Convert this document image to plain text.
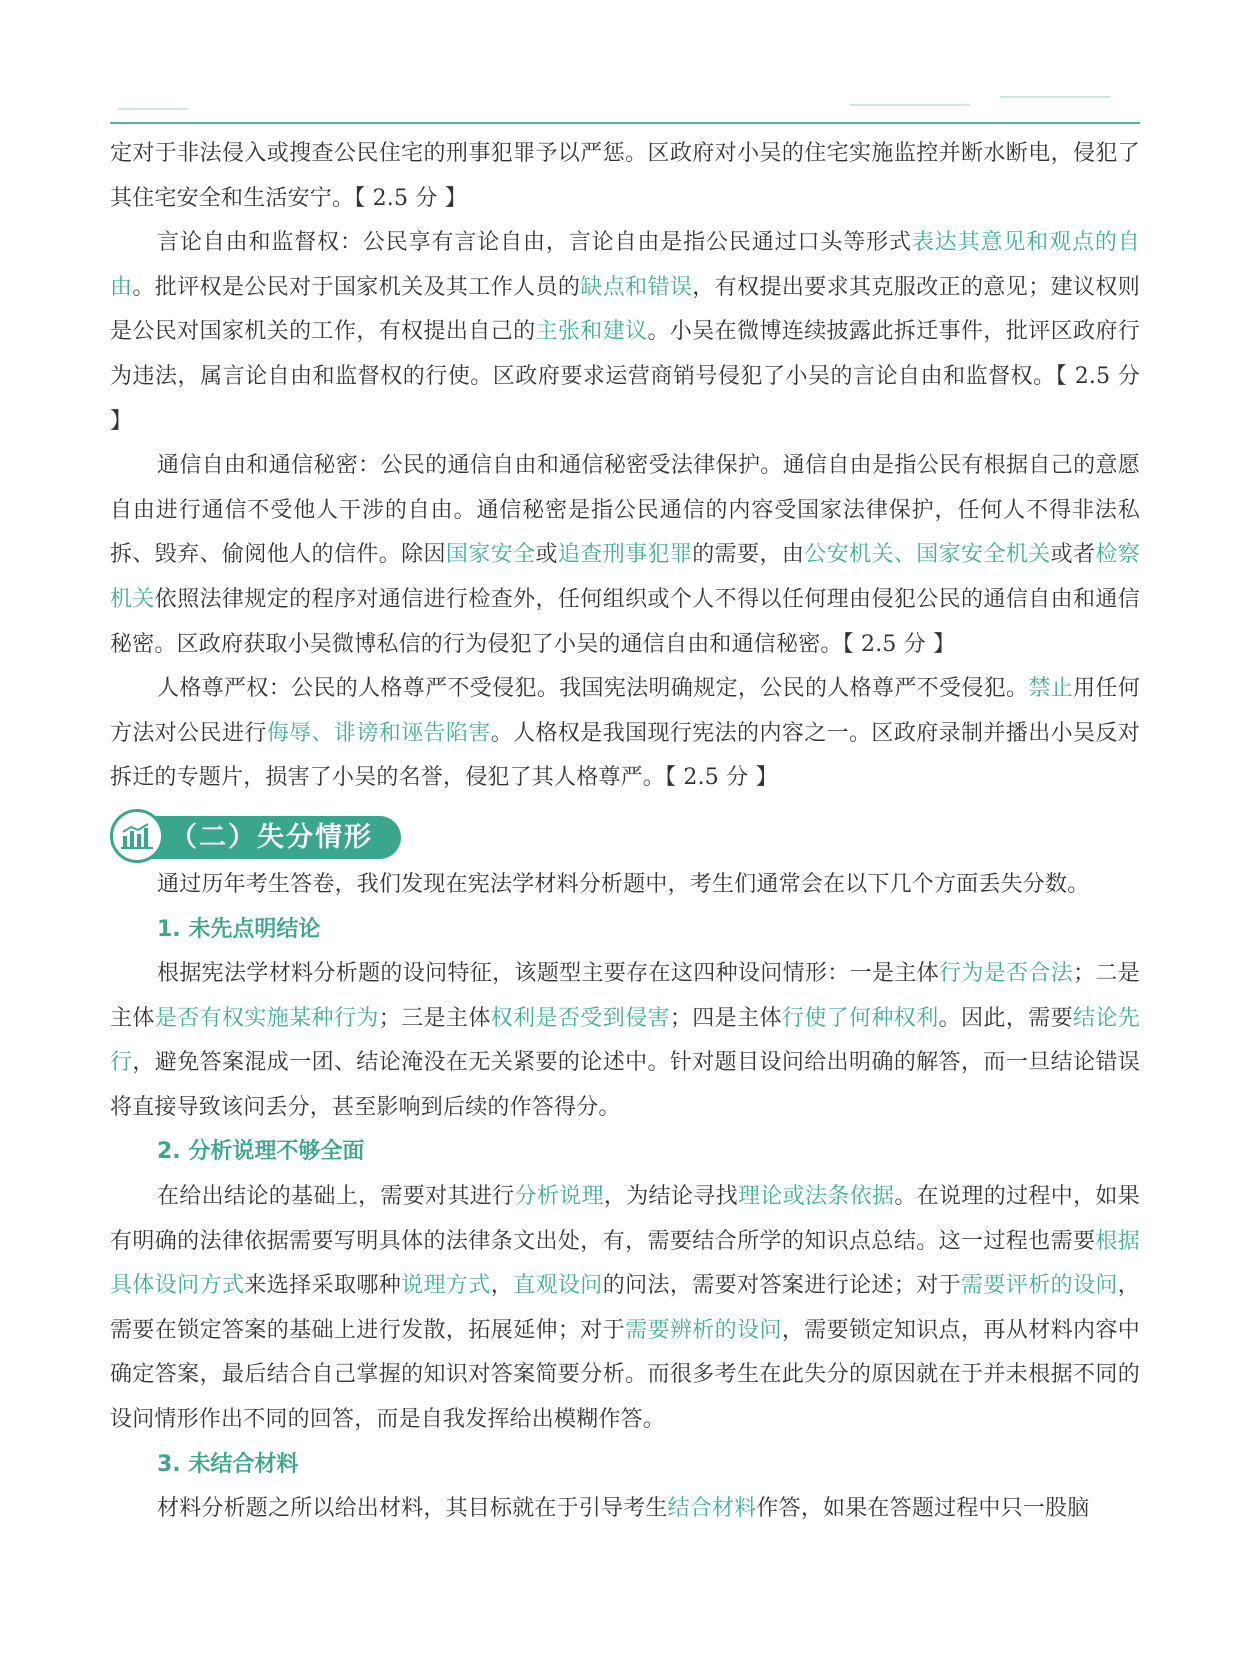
定对于非法侵入或搜查公民住宅的刑事犯罪予以严惩。区政府对小吴的住宅实施监控并断水断电，侵犯了其住宅安全和生活安宁。【 2.5 分 】

言论自由和监督权：公民享有言论自由，言论自由是指公民通过口头等形式表达其意见和观点的自由。批评权是公民对于国家机关及其工作人员的缺点和错误，有权提出要求其克服改正的意见；建议权则是公民对国家机关的工作，有权提出自己的主张和建议。小吴在微博连续披露此拆迁事件，批评区政府行为违法，属言论自由和监督权的行使。区政府要求运营商销号侵犯了小吴的言论自由和监督权。【 2.5 分 】

通信自由和通信秘密：公民的通信自由和通信秘密受法律保护。通信自由是指公民有根据自己的意愿自由进行通信不受他人干涉的自由。通信秘密是指公民通信的内容受国家法律保护，任何人不得非法私拆、毁弃、偷阅他人的信件。除因国家安全或追查刑事犯罪的需要，由公安机关、国家安全机关或者检察机关依照法律规定的程序对通信进行检查外，任何组织或个人不得以任何理由侵犯公民的通信自由和通信秘密。区政府获取小吴微博私信的行为侵犯了小吴的通信自由和通信秘密。【 2.5 分 】

人格尊严权：公民的人格尊严不受侵犯。我国宪法明确规定，公民的人格尊严不受侵犯。禁止用任何方法对公民进行侮辱、诽谤和诬告陷害。人格权是我国现行宪法的内容之一。区政府录制并播出小吴反对拆迁的专题片，损害了小吴的名誉，侵犯了其人格尊严。【 2.5 分 】

（二）失分情形

通过历年考生答卷，我们发现在宪法学材料分析题中，考生们通常会在以下几个方面丢失分数。

1. 未先点明结论

根据宪法学材料分析题的设问特征，该题型主要存在这四种设问情形：一是主体行为是否合法；二是主体是否有权实施某种行为；三是主体权利是否受到侵害；四是主体行使了何种权利。因此，需要结论先行，避免答案混成一团、结论淹没在无关紧要的论述中。针对题目设问给出明确的解答，而一旦结论错误将直接导致该问丢分，甚至影响到后续的作答得分。

2. 分析说理不够全面

在给出结论的基础上，需要对其进行分析说理，为结论寻找理论或法条依据。在说理的过程中，如果有明确的法律依据需要写明具体的法律条文出处，有，需要结合所学的知识点总结。这一过程也需要根据具体设问方式来选择采取哪种说理方式，直观设问的问法，需要对答案进行论述；对于需要评析的设问，需要在锁定答案的基础上进行发散，拓展延伸；对于需要辨析的设问，需要锁定知识点，再从材料内容中确定答案，最后结合自己掌握的知识对答案简要分析。而很多考生在此失分的原因就在于并未根据不同的设问情形作出不同的回答，而是自我发挥给出模糊作答。

3. 未结合材料

材料分析题之所以给出材料，其目标就在于引导考生结合材料作答，如果在答题过程中只一股脑
